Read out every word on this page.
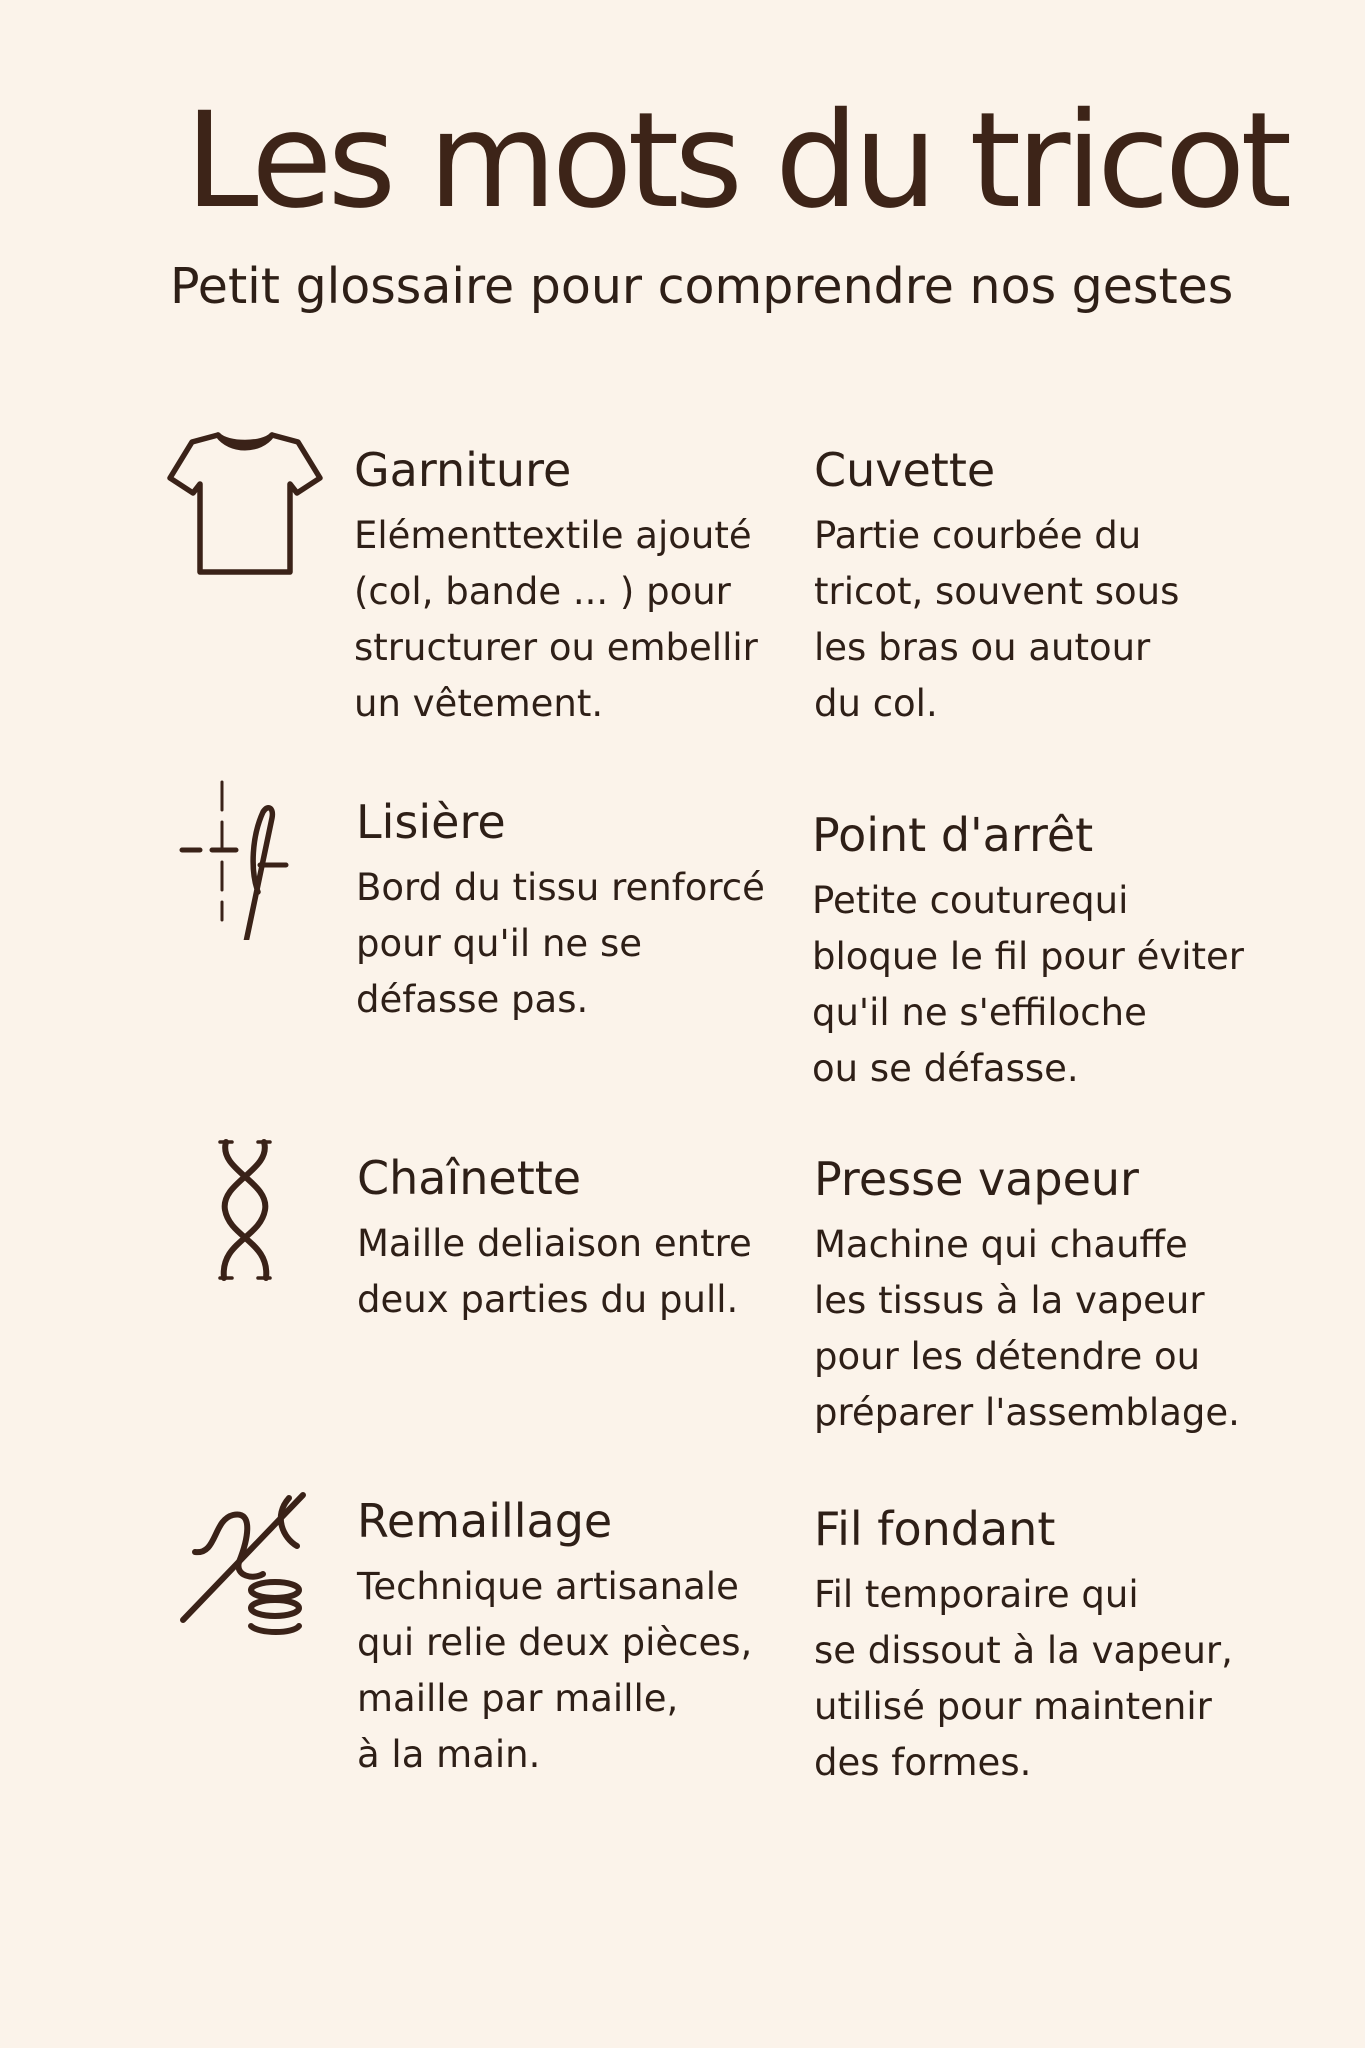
Les mots du tricot

Petit glossaire pour comprendre nos gestes

Garniture

Elémenttextile ajouté
(col, bande ... ) pour
structurer ou embellir
un vêtement.

Cuvette

Partie courbée du
tricot, souvent sous
les bras ou autour
du col.

Lisière

Bord du tissu renforcé
pour qu'il ne se
défasse pas.

Point d'arrêt

Petite couturequi
bloque le fil pour éviter
qu'il ne s'effiloche
ou se défasse.

Chaînette

Maille deliaison entre
deux parties du pull.

Presse vapeur

Machine qui chauffe
les tissus à la vapeur
pour les détendre ou
préparer l'assemblage.

Remaillage

Technique artisanale
qui relie deux pièces,
maille par maille,
à la main.

Fil fondant

Fil temporaire qui
se dissout à la vapeur,
utilisé pour maintenir
des formes.
